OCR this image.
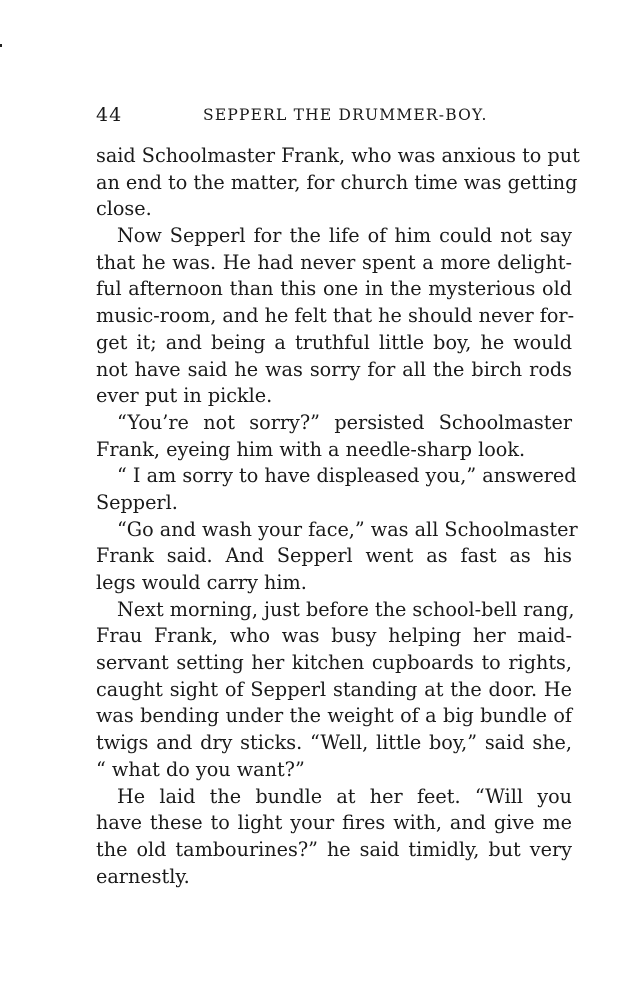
44	SEPPERL THE DRUMMER-BOY.
said Schoolmaster Frank, who was anxious to put
an end to the matter, for church time was getting
close.
Now Sepperl for the life of him could not say
that he was. He had never spent a more delight-
ful afternoon than this one in the mysterious old
music-room, and he felt that he should never for-
get it; and being a truthful little boy, he would
not have said he was sorry for all the birch rods
ever put in pickle.
“You’re not sorry?” persisted Schoolmaster
Frank, eyeing him with a needle-sharp look.
“ I am sorry to have displeased you,” answered
Sepperl.
“Go and wash your face,” was all Schoolmaster
Frank said. And Sepperl went as fast as his
legs would carry him.
Next morning, just before the school-bell rang,
Frau Frank, who was busy helping her maid-
servant setting her kitchen cupboards to rights,
caught sight of Sepperl standing at the door. He
was bending under the weight of a big bundle of
twigs and dry sticks. “Well, little boy,” said she,
“ what do you want?”
He laid the bundle at her feet. “Will you
have these to light your fires with, and give me
the old tambourines?” he said timidly, but very
earnestly.
